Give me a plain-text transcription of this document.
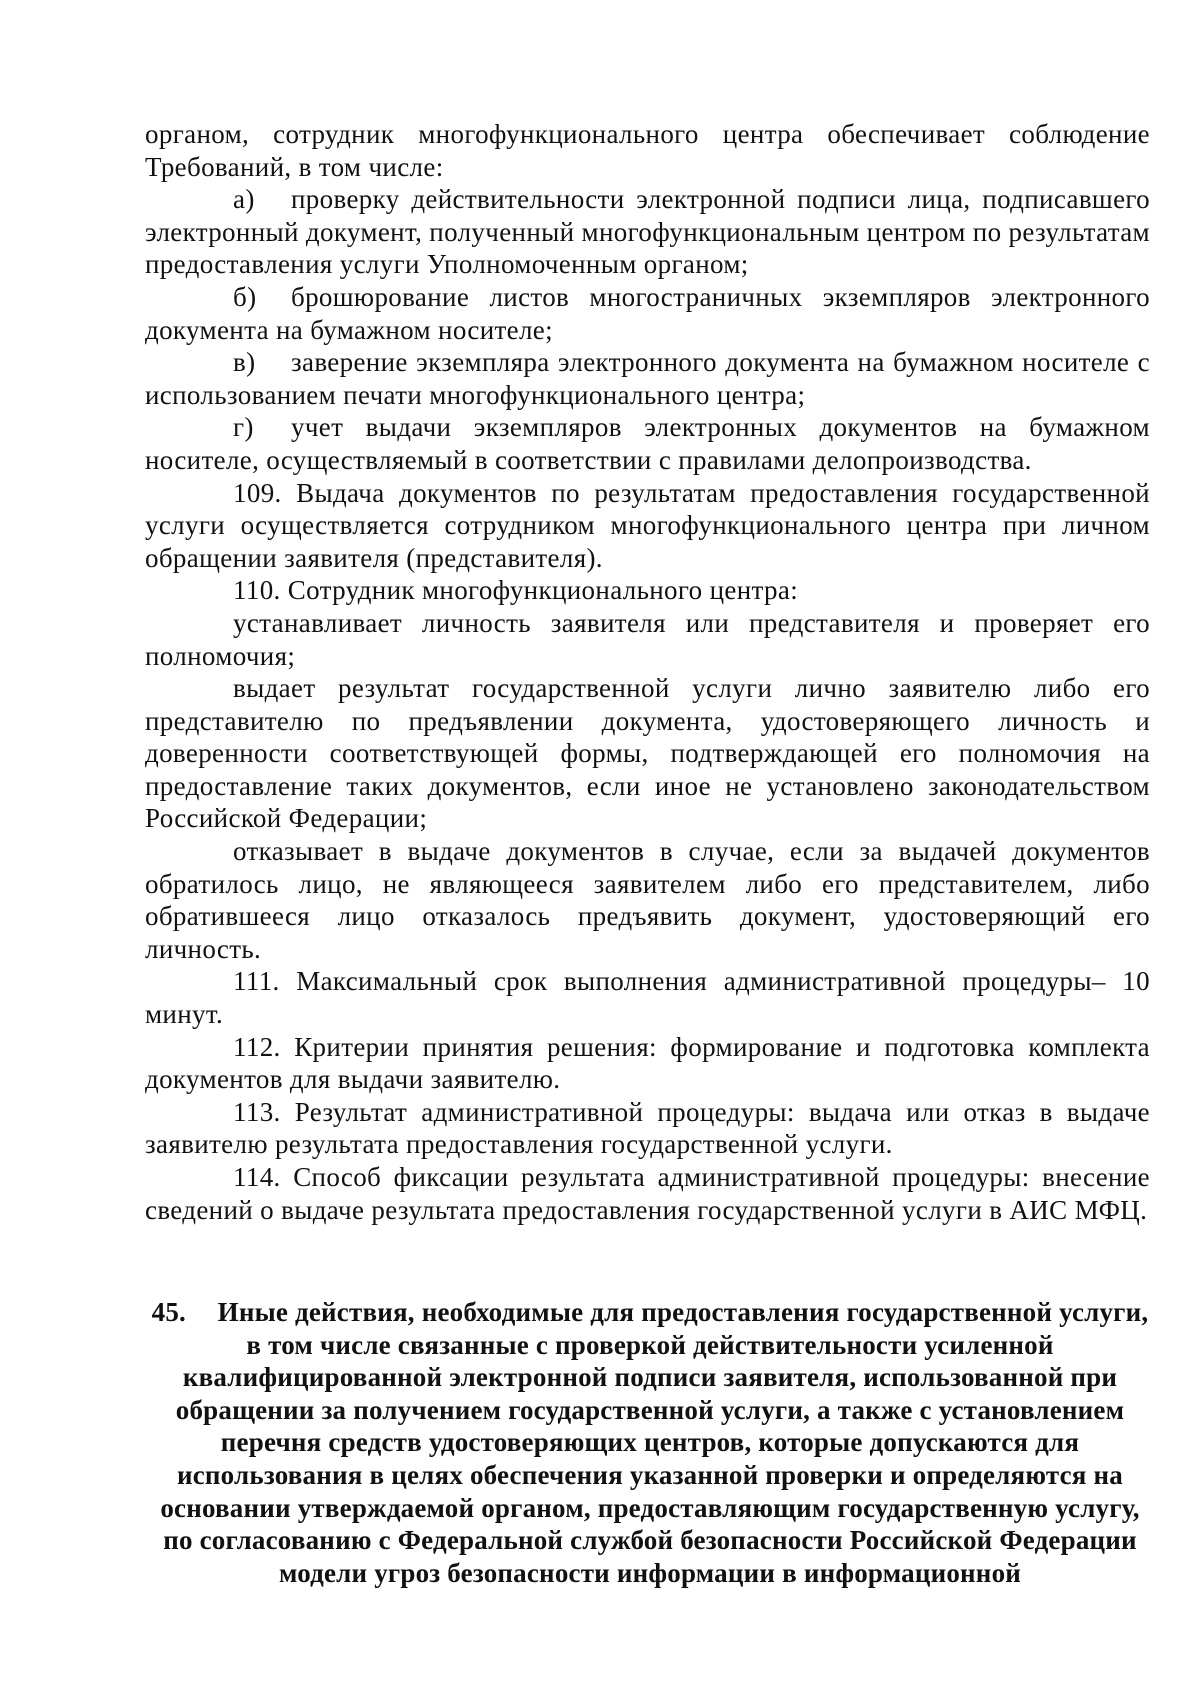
органом, сотрудник многофункционального центра обеспечивает соблюдение Требований, в том числе:

а) проверку действительности электронной подписи лица, подписавшего электронный документ, полученный многофункциональным центром по результатам предоставления услуги Уполномоченным органом;

б) брошюрование листов многостраничных экземпляров электронного документа на бумажном носителе;

в) заверение экземпляра электронного документа на бумажном носителе с использованием печати многофункционального центра;

г) учет выдачи экземпляров электронных документов на бумажном носителе, осуществляемый в соответствии с правилами делопроизводства.

109. Выдача документов по результатам предоставления государственной услуги осуществляется сотрудником многофункционального центра при личном обращении заявителя (представителя).

110. Сотрудник многофункционального центра:

устанавливает личность заявителя или представителя и проверяет его полномочия;

выдает результат государственной услуги лично заявителю либо его представителю по предъявлении документа, удостоверяющего личность и доверенности соответствующей формы, подтверждающей его полномочия на предоставление таких документов, если иное не установлено законодательством Российской Федерации;

отказывает в выдаче документов в случае, если за выдачей документов обратилось лицо, не являющееся заявителем либо его представителем, либо обратившееся лицо отказалось предъявить документ, удостоверяющий его личность.

111. Максимальный срок выполнения административной процедуры– 10 минут.

112. Критерии принятия решения: формирование и подготовка комплекта документов для выдачи заявителю.

113. Результат административной процедуры: выдача или отказ в выдаче заявителю результата предоставления государственной услуги.

114. Способ фиксации результата административной процедуры: внесение сведений о выдаче результата предоставления государственной услуги в АИС МФЦ.

45. Иные действия, необходимые для предоставления государственной услуги, в том числе связанные с проверкой действительности усиленной квалифицированной электронной подписи заявителя, использованной при обращении за получением государственной услуги, а также с установлением перечня средств удостоверяющих центров, которые допускаются для использования в целях обеспечения указанной проверки и определяются на основании утверждаемой органом, предоставляющим государственную услугу, по согласованию с Федеральной службой безопасности Российской Федерации модели угроз безопасности информации в информационной
